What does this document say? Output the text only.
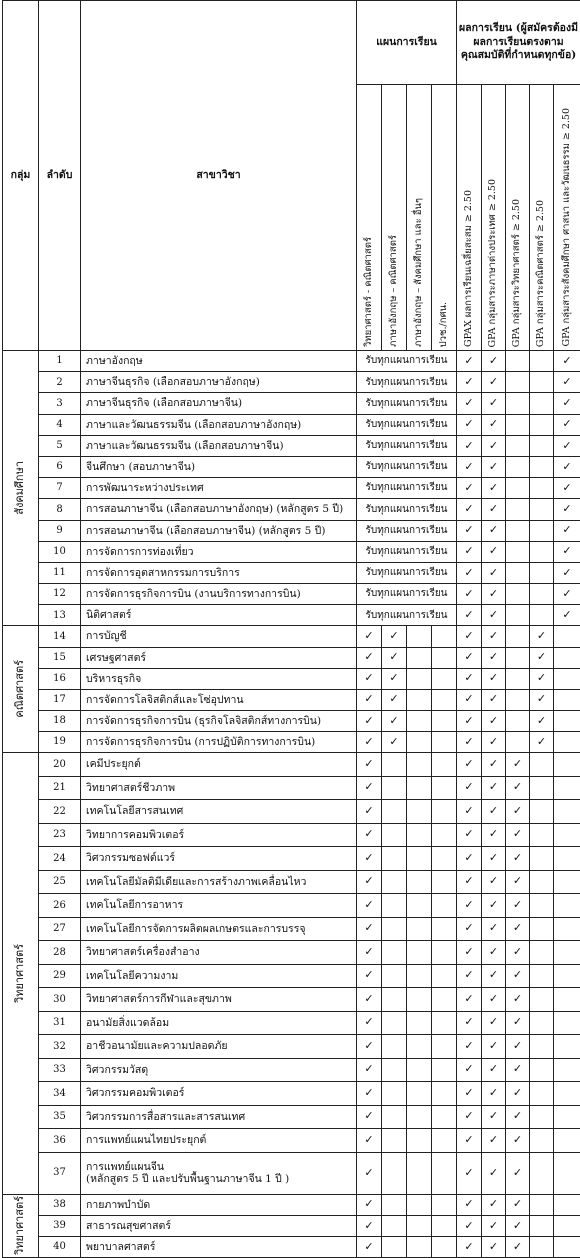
กลุ่ม	ลำดับ	สาขาวิชา	แผนการเรียน				ผลการเรียน (ผู้สมัครต้องมีผลการเรียนตรงตามคุณสมบัติที่กำหนดทุกข้อ)				

			วิทยาศาสตร์ - คณิตศาสตร์	ภาษาอังกฤษ – คณิตศาสตร์	ภาษาอังกฤษ – สังคมศึกษา และ อื่นๆ	ปวช./กศน.	GPAX ผลการเรียนเฉลี่ยสะสม ≥ 2.50	GPA กลุ่มสาระภาษาต่างประเทศ ≥ 2.50	GPA กลุ่มสาระวิทยาศาสตร์ ≥ 2.50	GPA กลุ่มสาระคณิตศาสตร์ ≥ 2.50	GPA กลุ่มสาระสังคมศึกษา ศาสนา และวัฒนธรรม ≥ 2.50

สังคมศึกษา	1	ภาษาอังกฤษ	รับทุกแผนการเรียน				✓	✓			✓
	2	ภาษาจีนธุรกิจ (เลือกสอบภาษาอังกฤษ)	รับทุกแผนการเรียน				✓	✓			✓
	3	ภาษาจีนธุรกิจ (เลือกสอบภาษาจีน)	รับทุกแผนการเรียน				✓	✓			✓
	4	ภาษาและวัฒนธรรมจีน (เลือกสอบภาษาอังกฤษ)	รับทุกแผนการเรียน				✓	✓			✓
	5	ภาษาและวัฒนธรรมจีน (เลือกสอบภาษาจีน)	รับทุกแผนการเรียน				✓	✓			✓
	6	จีนศึกษา (สอบภาษาจีน)	รับทุกแผนการเรียน				✓	✓			✓
	7	การพัฒนาระหว่างประเทศ	รับทุกแผนการเรียน				✓	✓			✓
	8	การสอนภาษาจีน (เลือกสอบภาษาอังกฤษ) (หลักสูตร 5 ปี)	รับทุกแผนการเรียน				✓	✓			✓
	9	การสอนภาษาจีน (เลือกสอบภาษาจีน) (หลักสูตร 5 ปี)	รับทุกแผนการเรียน				✓	✓			✓
	10	การจัดการการท่องเที่ยว	รับทุกแผนการเรียน				✓	✓			✓
	11	การจัดการอุตสาหกรรมการบริการ	รับทุกแผนการเรียน				✓	✓			✓
	12	การจัดการธุรกิจการบิน (งานบริการทางการบิน)	รับทุกแผนการเรียน				✓	✓			✓
	13	นิติศาสตร์	รับทุกแผนการเรียน				✓	✓			✓

คณิตศาสตร์	14	การบัญชี	✓	✓			✓	✓		✓	
	15	เศรษฐศาสตร์	✓	✓			✓	✓		✓	
	16	บริหารธุรกิจ	✓	✓			✓	✓		✓	
	17	การจัดการโลจิสติกส์และโซ่อุปทาน	✓	✓			✓	✓		✓	
	18	การจัดการธุรกิจการบิน (ธุรกิจโลจิสติกส์ทางการบิน)	✓	✓			✓	✓		✓	
	19	การจัดการธุรกิจการบิน (การปฏิบัติการทางการบิน)	✓	✓			✓	✓		✓	

วิทยาศาสตร์	20	เคมีประยุกต์	✓				✓	✓	✓		
	21	วิทยาศาสตร์ชีวภาพ	✓				✓	✓	✓		
	22	เทคโนโลยีสารสนเทศ	✓				✓	✓	✓		
	23	วิทยาการคอมพิวเตอร์	✓				✓	✓	✓		
	24	วิศวกรรมซอฟต์แวร์	✓				✓	✓	✓		
	25	เทคโนโลยีมัลติมีเดียและการสร้างภาพเคลื่อนไหว	✓				✓	✓	✓		
	26	เทคโนโลยีการอาหาร	✓				✓	✓	✓		
	27	เทคโนโลยีการจัดการผลิตผลเกษตรและการบรรจุ	✓				✓	✓	✓		
	28	วิทยาศาสตร์เครื่องสำอาง	✓				✓	✓	✓		
	29	เทคโนโลยีความงาม	✓				✓	✓	✓		
	30	วิทยาศาสตร์การกีฬาและสุขภาพ	✓				✓	✓	✓		
	31	อนามัยสิ่งแวดล้อม	✓				✓	✓	✓		
	32	อาชีวอนามัยและความปลอดภัย	✓				✓	✓	✓		
	33	วิศวกรรมวัสดุ	✓				✓	✓	✓		
	34	วิศวกรรมคอมพิวเตอร์	✓				✓	✓	✓		
	35	วิศวกรรมการสื่อสารและสารสนเทศ	✓				✓	✓	✓		
	36	การแพทย์แผนไทยประยุกต์	✓				✓	✓	✓		
	37	การแพทย์แผนจีน
(หลักสูตร 5 ปี และปรับพื้นฐานภาษาจีน 1 ปี )	✓				✓	✓	✓		

วิทยาศาสตร์	38	กายภาพบำบัด	✓				✓	✓	✓		
	39	สาธารณสุขศาสตร์	✓				✓	✓	✓		
	40	พยาบาลศาสตร์	✓				✓	✓	✓		
